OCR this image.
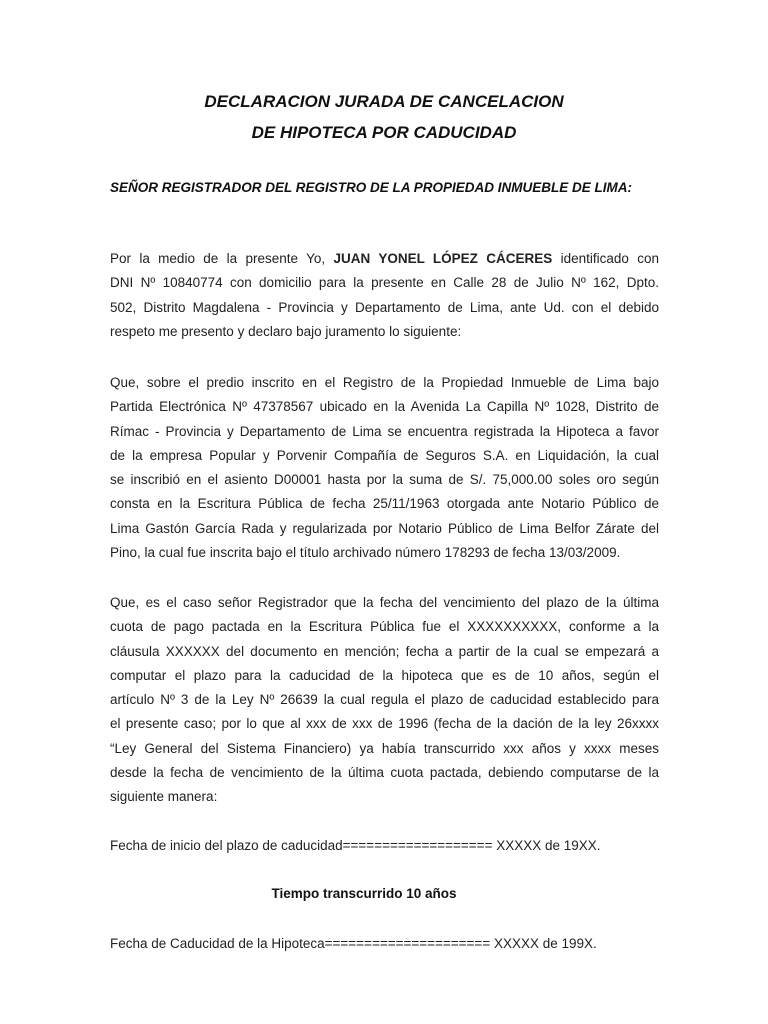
DECLARACION JURADA DE CANCELACION
DE HIPOTECA POR CADUCIDAD
SEÑOR REGISTRADOR DEL REGISTRO DE LA PROPIEDAD INMUEBLE DE LIMA:
Por la medio de la presente Yo, JUAN YONEL LÓPEZ CÁCERES identificado con
DNI Nº 10840774 con domicilio para la presente en Calle 28 de Julio Nº 162, Dpto.
502, Distrito Magdalena - Provincia y Departamento de Lima, ante Ud. con el debido
respeto me presento y declaro bajo juramento lo siguiente:
Que, sobre el predio inscrito en el Registro de la Propiedad Inmueble de Lima bajo
Partida Electrónica Nº 47378567 ubicado en la Avenida La Capilla Nº 1028, Distrito de
Rímac - Provincia y Departamento de Lima se encuentra registrada la Hipoteca a favor
de la empresa Popular y Porvenir Compañía de Seguros S.A. en Liquidación, la cual
se inscribió en el asiento D00001 hasta por la suma de S/. 75,000.00 soles oro según
consta en la Escritura Pública de fecha 25/11/1963 otorgada ante Notario Público de
Lima Gastón García Rada y regularizada por Notario Público de Lima Belfor Zárate del
Pino, la cual fue inscrita bajo el título archivado número 178293 de fecha 13/03/2009.
Que, es el caso señor Registrador que la fecha del vencimiento del plazo de la última
cuota de pago pactada en la Escritura Pública fue el XXXXXXXXXX, conforme a la
cláusula XXXXXX del documento en mención; fecha a partir de la cual se empezará a
computar el plazo para la caducidad de la hipoteca que es de 10 años, según el
artículo Nº 3 de la Ley Nº 26639 la cual regula el plazo de caducidad establecido para
el presente caso; por lo que al xxx de xxx de 1996 (fecha de la dación de la ley 26xxxx
“Ley General del Sistema Financiero) ya había transcurrido xxx años y xxxx meses
desde la fecha de vencimiento de la última cuota pactada, debiendo computarse de la
siguiente manera:
Fecha de inicio del plazo de caducidad=================== XXXXX de 19XX.
Tiempo transcurrido 10 años
Fecha de Caducidad de la Hipoteca===================== XXXXX de 199X.
